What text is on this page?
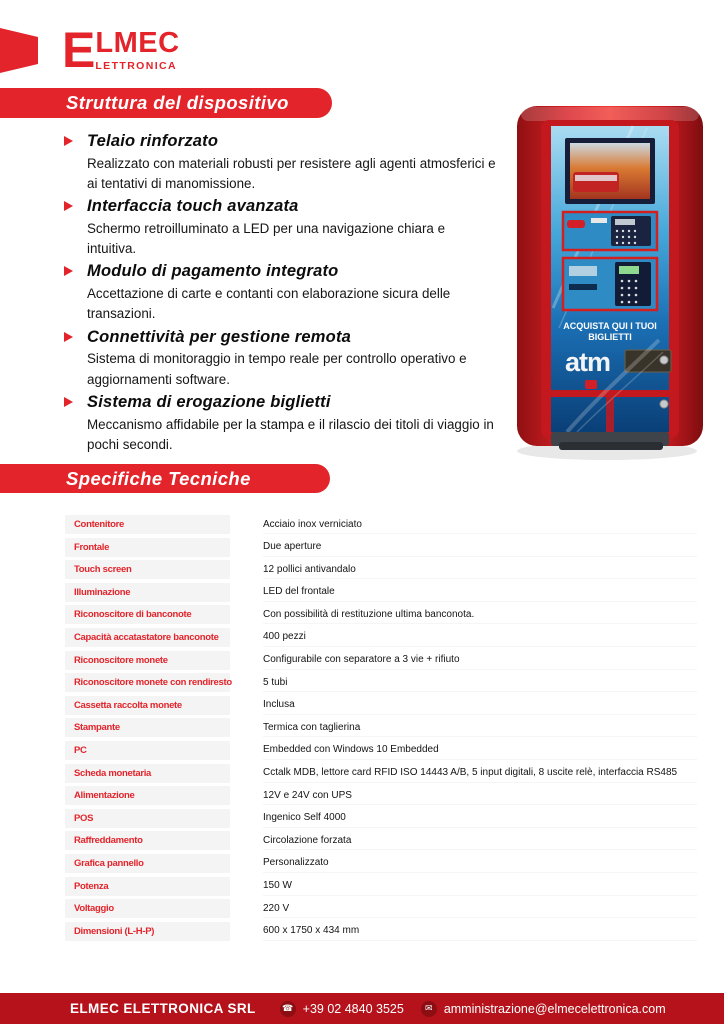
E LMEC
LETTRONICA
Struttura del dispositivo
Telaio rinforzato
Realizzato con materiali robusti per resistere agli agenti atmosferici e ai tentativi di manomissione.
Interfaccia touch avanzata
Schermo retroilluminato a LED per una navigazione chiara e intuitiva.
Modulo di pagamento integrato
Accettazione di carte e contanti con elaborazione sicura delle transazioni.
Connettività per gestione remota
Sistema di monitoraggio in tempo reale per controllo operativo e aggiornamenti software.
Sistema di erogazione biglietti
Meccanismo affidabile per la stampa e il rilascio dei titoli di viaggio in pochi secondi.
ACQUISTA QUI I TUOI
BIGLIETTI
atm
Specifiche Tecniche
Contenitore	Acciaio inox verniciato
Frontale	Due aperture
Touch screen	12 pollici antivandalo
Illuminazione	LED del frontale
Riconoscitore di banconote	Con possibilità di restituzione ultima banconota.
Capacità accatastatore banconote	400 pezzi
Riconoscitore monete	Configurabile con separatore a 3 vie + rifiuto
Riconoscitore monete con rendiresto	5 tubi
Cassetta raccolta monete	Inclusa
Stampante	Termica con taglierina
PC	Embedded con Windows 10 Embedded
Scheda monetaria	Cctalk MDB, lettore card RFID ISO 14443 A/B, 5 input digitali, 8 uscite relè, interfaccia RS485
Alimentazione	12V e 24V con UPS
POS	Ingenico Self 4000
Raffreddamento	Circolazione forzata
Grafica pannello	Personalizzato
Potenza	150 W
Voltaggio	220 V
Dimensioni (L-H-P)	600 x 1750 x 434 mm
ELMEC ELETTRONICA SRL	☎ +39 02 4840 3525	✉ amministrazione@elmecelettronica.com
